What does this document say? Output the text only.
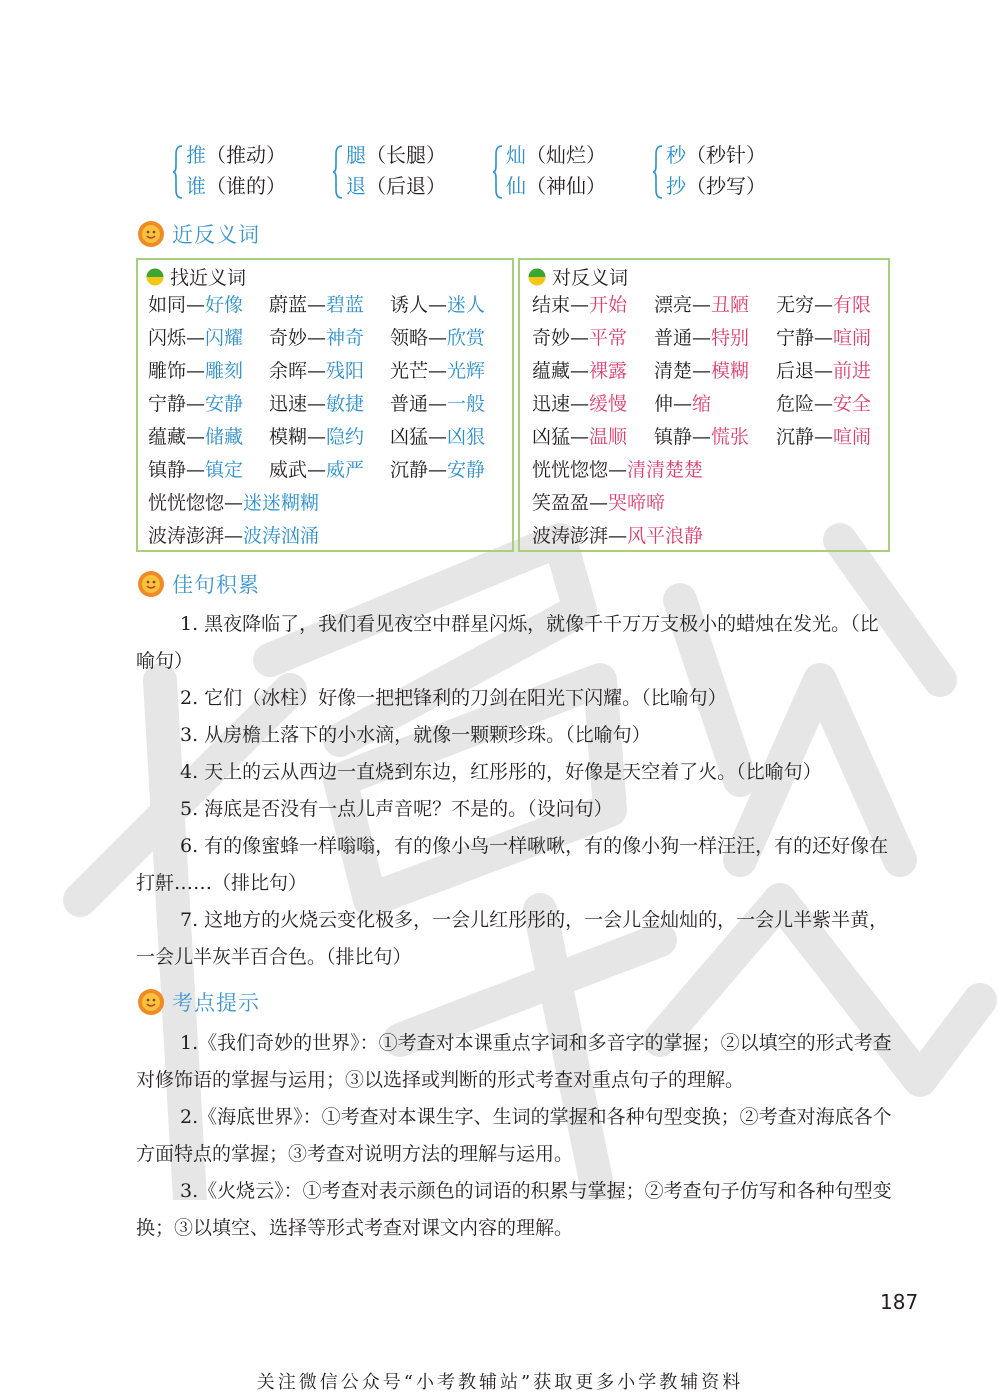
推（推动）
谁（谁的）
腿（长腿）
退（后退）
灿（灿烂）
仙（神仙）
秒（秒针）
抄（抄写）
近反义词
找近义词
如同—好像 蔚蓝—碧蓝 诱人—迷人
闪烁—闪耀 奇妙—神奇 领略—欣赏
雕饰—雕刻 余晖—残阳 光芒—光辉
宁静—安静 迅速—敏捷 普通—一般
蕴藏—储藏 模糊—隐约 凶猛—凶狠
镇静—镇定 威武—威严 沉静—安静
恍恍惚惚—迷迷糊糊
波涛澎湃—波涛汹涌
对反义词
结束—开始 漂亮—丑陋 无穷—有限
奇妙—平常 普通—特别 宁静—喧闹
蕴藏—裸露 清楚—模糊 后退—前进
迅速—缓慢 伸—缩	危险—安全
凶猛—温顺 镇静—慌张 沉静—喧闹
恍恍惚惚—清清楚楚
笑盈盈—哭啼啼
波涛澎湃—风平浪静
佳句积累
1. 黑夜降临了，我们看见夜空中群星闪烁，就像千千万万支极小的蜡烛在发光。（比喻句）
2. 它们（冰柱）好像一把把锋利的刀剑在阳光下闪耀。（比喻句）
3. 从房檐上落下的小水滴，就像一颗颗珍珠。（比喻句）
4. 天上的云从西边一直烧到东边，红彤彤的，好像是天空着了火。（比喻句）
5. 海底是否没有一点儿声音呢？不是的。（设问句）
6. 有的像蜜蜂一样嗡嗡，有的像小鸟一样啾啾，有的像小狗一样汪汪，有的还好像在打鼾……（排比句）
7. 这地方的火烧云变化极多，一会儿红彤彤的，一会儿金灿灿的，一会儿半紫半黄，一会儿半灰半百合色。（排比句）
考点提示
1.《我们奇妙的世界》：①考查对本课重点字词和多音字的掌握；②以填空的形式考查对修饰语的掌握与运用；③以选择或判断的形式考查对重点句子的理解。
2.《海底世界》：①考查对本课生字、生词的掌握和各种句型变换；②考查对海底各个方面特点的掌握；③考查对说明方法的理解与运用。
3.《火烧云》：①考查对表示颜色的词语的积累与掌握；②考查句子仿写和各种句型变换；③以填空、选择等形式考查对课文内容的理解。
187
关注微信公众号“小考教辅站”获取更多小学教辅资料
